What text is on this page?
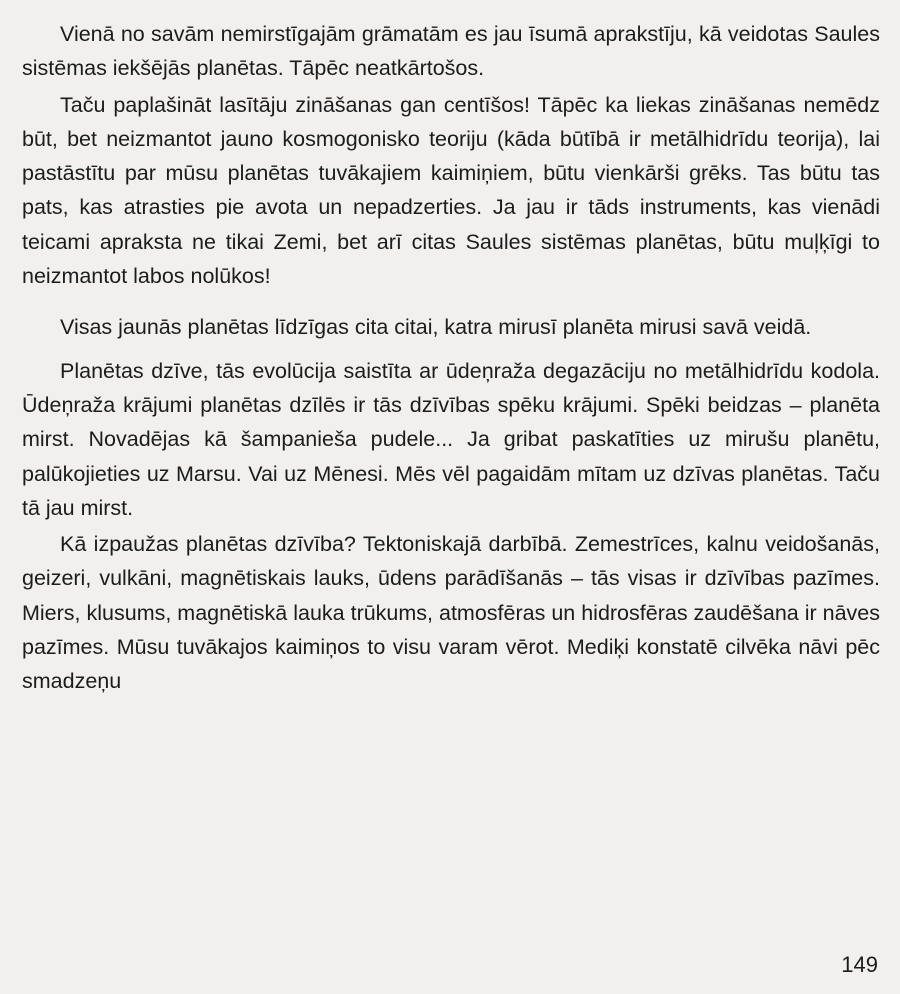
Vienā no savām nemirstīgajām grāmatām es jau īsumā aprakstīju, kā veidotas Saules sistēmas iekšējās planētas. Tāpēc neatkārtošos.

Taču paplašināt lasītāju zināšanas gan centīšos! Tāpēc ka liekas zināšanas nemēdz būt, bet neizmantot jauno kosmogonisko teoriju (kāda būtībā ir metālhidrīdu teorija), lai pastāstītu par mūsu planētas tuvākajiem kaimiņiem, būtu vienkārši grēks. Tas būtu tas pats, kas atrasties pie avota un nepadzerties. Ja jau ir tāds instruments, kas vienādi teicami apraksta ne tikai Zemi, bet arī citas Saules sistēmas planētas, būtu muļķīgi to neizmantot labos nolūkos!

Visas jaunās planētas līdzīgas cita citai, katra mirusī planēta mirusi savā veidā.

Planētas dzīve, tās evolūcija saistīta ar ūdeņraža degazāciju no metālhidrīdu kodola. Ūdeņraža krājumi planētas dzīlēs ir tās dzīvības spēku krājumi. Spēki beidzas – planēta mirst. Novadējas kā šampanieša pudele... Ja gribat paskatīties uz mirušu planētu, palūkojieties uz Marsu. Vai uz Mēnesi. Mēs vēl pagaidām mītam uz dzīvas planētas. Taču tā jau mirst.

Kā izpaužas planētas dzīvība? Tektoniskajā darbībā. Zemestrīces, kalnu veidošanās, geizeri, vulkāni, magnētiskais lauks, ūdens parādīšanās – tās visas ir dzīvības pazīmes. Miers, klusums, magnētiskā lauka trūkums, atmosfēras un hidrosfēras zaudēšana ir nāves pazīmes. Mūsu tuvākajos kaimiņos to visu varam vērot. Mediķi konstatē cilvēka nāvi pēc smadzeņu

149
